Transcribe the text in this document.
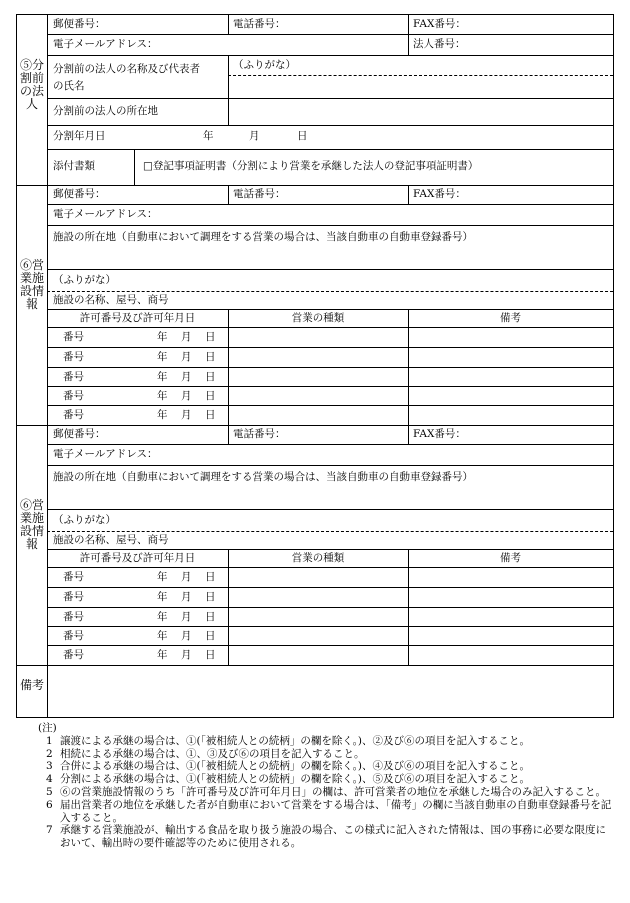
⑤分割前の法人
郵便番号：	電話番号：	FAX番号：
電子メールアドレス：	法人番号：
分割前の法人の名称及び代表者
の氏名
（ふりがな）
分割前の法人の所在地
分割年月日	年	月	日
添付書類	□登記事項証明書（分割により営業を承継した法人の登記事項証明書）
⑥営業施設情報
郵便番号：	電話番号：	FAX番号：
電子メールアドレス：
施設の所在地（自動車において調理をする営業の場合は、当該自動車の自動車登録番号）
（ふりがな）
施設の名称、屋号、商号
許可番号及び許可年月日	営業の種類	備考
番号	年 月 日
番号	年 月 日
番号	年 月 日
番号	年 月 日
番号	年 月 日
⑥営業施設情報
郵便番号：	電話番号：	FAX番号：
電子メールアドレス：
施設の所在地（自動車において調理をする営業の場合は、当該自動車の自動車登録番号）
（ふりがな）
施設の名称、屋号、商号
許可番号及び許可年月日	営業の種類	備考
番号	年 月 日
番号	年 月 日
番号	年 月 日
番号	年 月 日
番号	年 月 日
備考
(注)
1 譲渡による承継の場合は、①(「被相続人との続柄」の欄を除く。)、②及び⑥の項目を記入すること。
2 相続による承継の場合は、①、③及び⑥の項目を記入すること。
3 合併による承継の場合は、①(「被相続人との続柄」の欄を除く。)、④及び⑥の項目を記入すること。
4 分割による承継の場合は、①(「被相続人との続柄」の欄を除く。)、⑤及び⑥の項目を記入すること。
5 ⑥の営業施設情報のうち「許可番号及び許可年月日」の欄は、許可営業者の地位を承継した場合のみ記入すること。
6 届出営業者の地位を承継した者が自動車において営業をする場合は、「備考」の欄に当該自動車の自動車登録番号を記入すること。
7 承継する営業施設が、輸出する食品を取り扱う施設の場合、この様式に記入された情報は、国の事務に必要な限度において、輸出時の要件確認等のために使用される。
